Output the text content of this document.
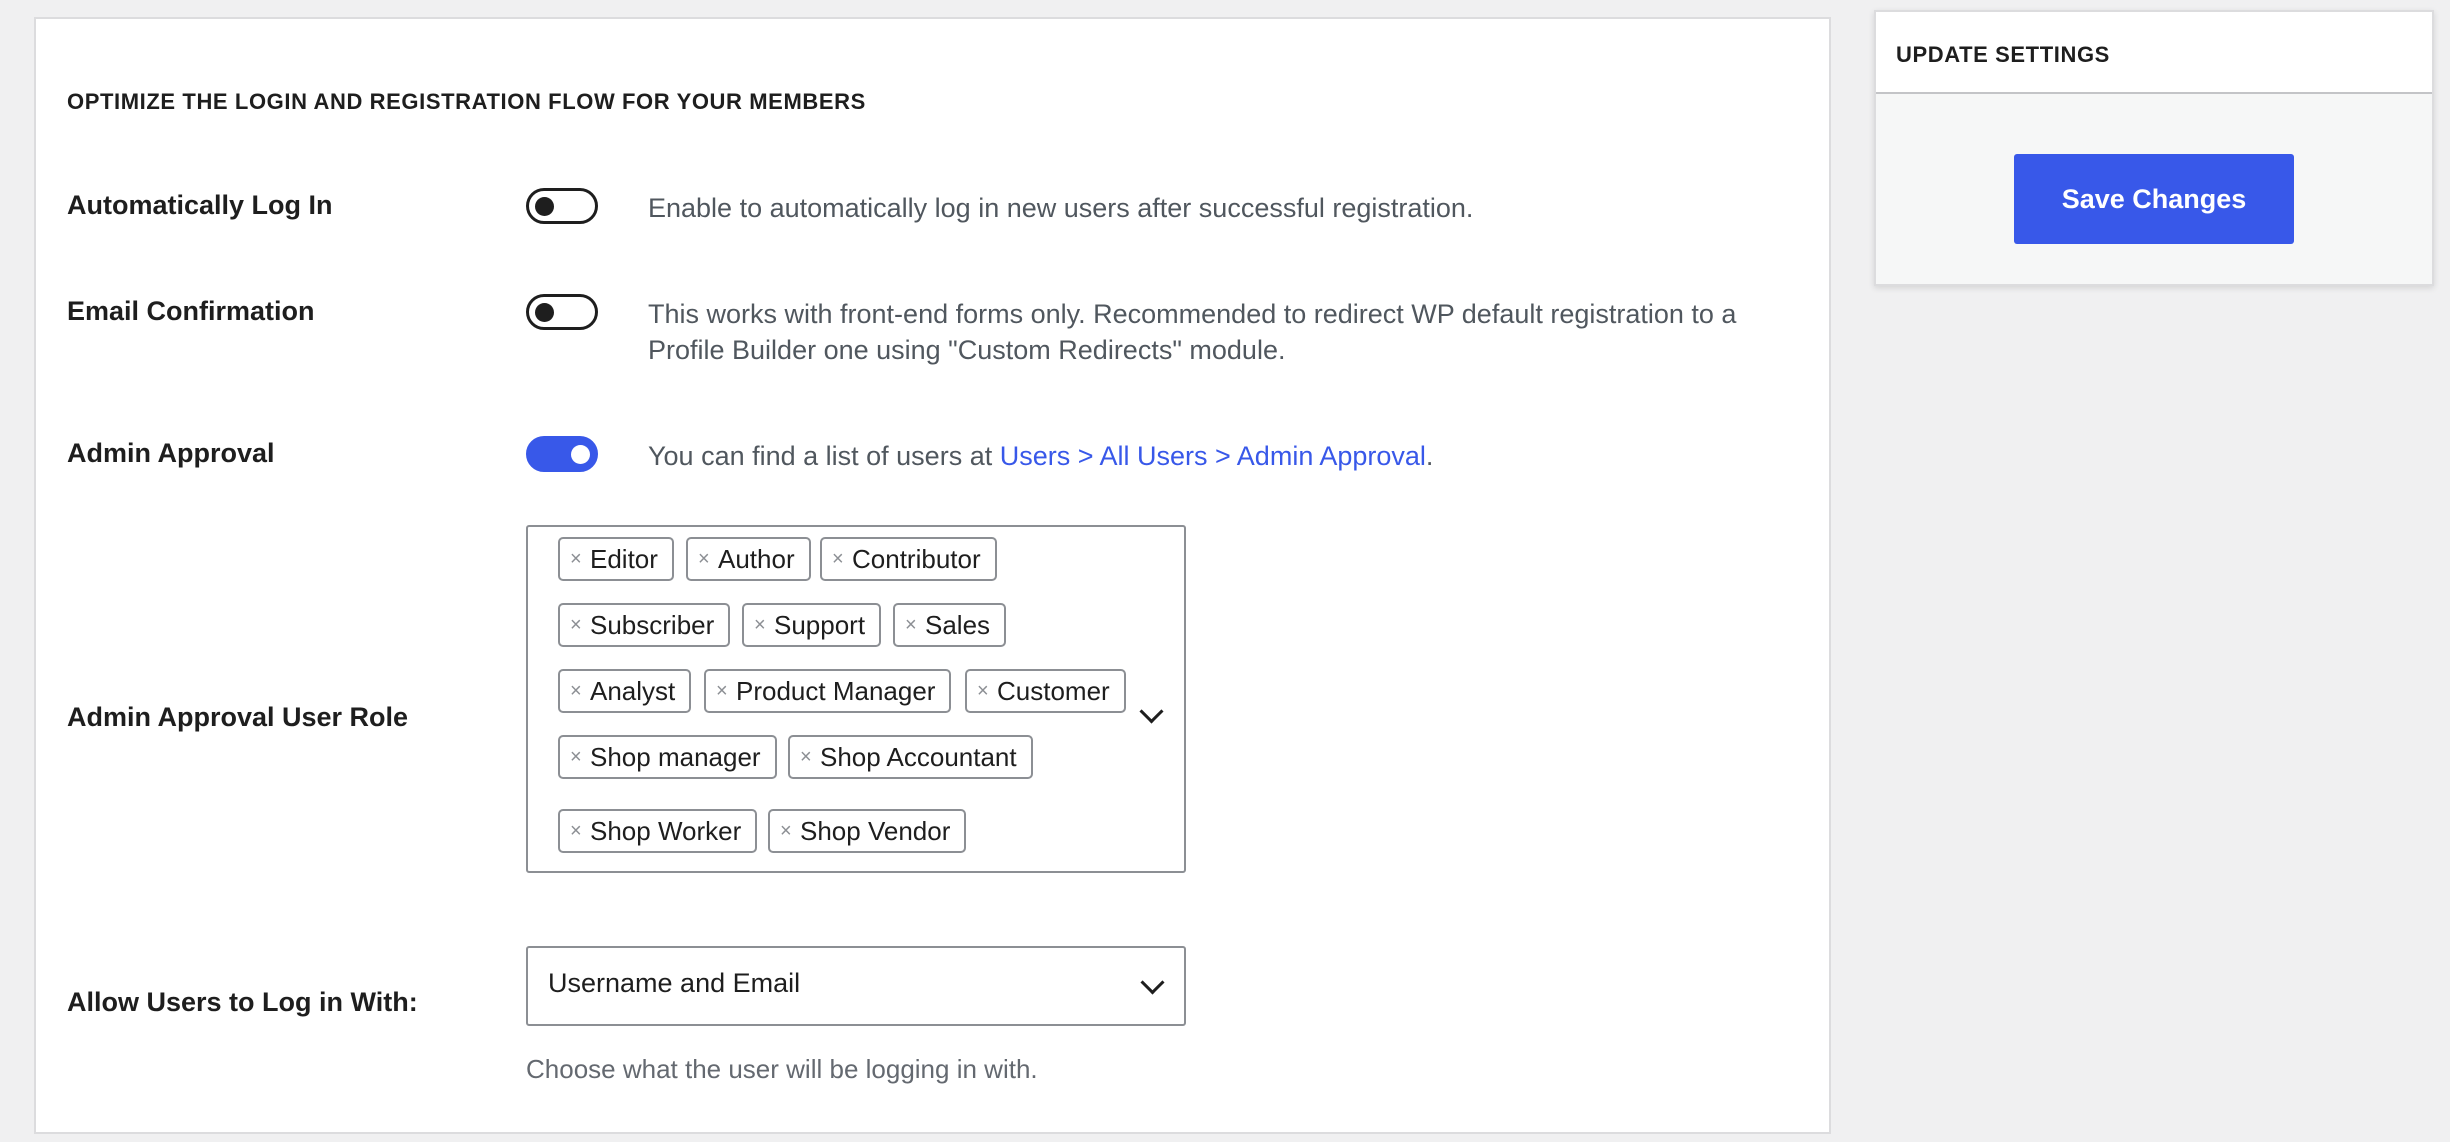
OPTIMIZE THE LOGIN AND REGISTRATION FLOW FOR YOUR MEMBERS
Automatically Log In	Enable to automatically log in new users after successful registration.
Email Confirmation	This works with front-end forms only. Recommended to redirect WP default registration to a
Profile Builder one using "Custom Redirects" module.
Admin Approval	You can find a list of users at Users > All Users > Admin Approval.
Admin Approval User Role
× Editor	× Author	× Contributor
× Subscriber	× Support	× Sales
× Analyst	× Product Manager	× Customer
× Shop manager	× Shop Accountant
× Shop Worker	× Shop Vendor
Allow Users to Log in With:
Username and Email
Choose what the user will be logging in with.
UPDATE SETTINGS
Save Changes
